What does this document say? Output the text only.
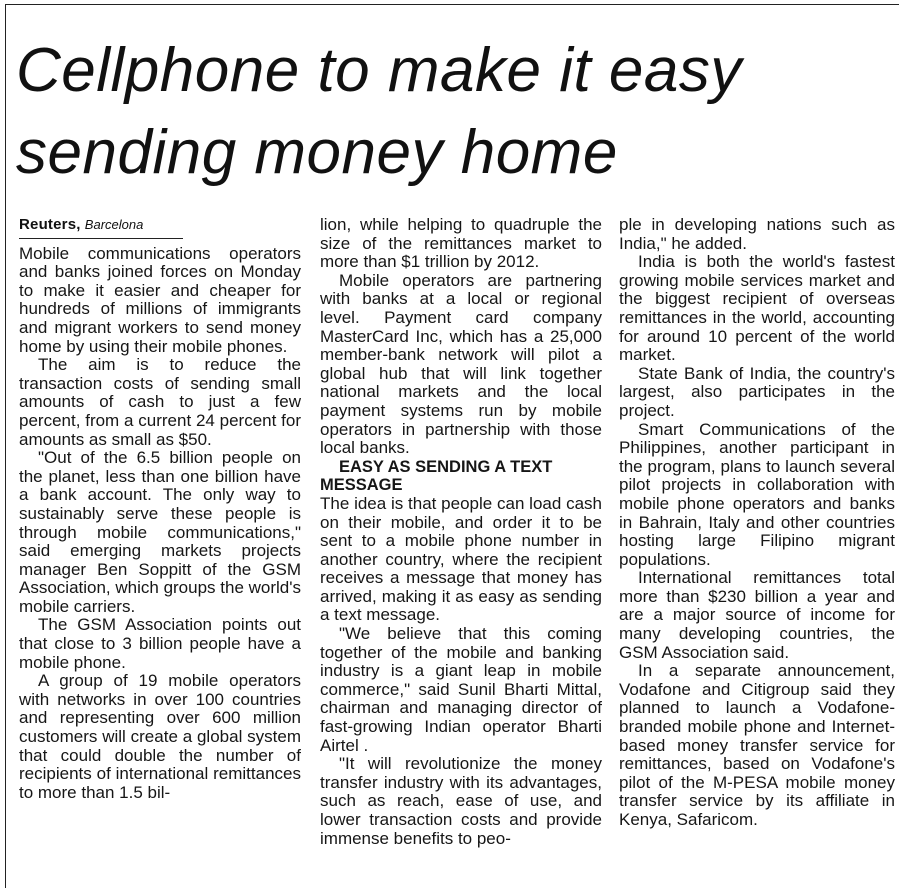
Cellphone to make it easy
sending money home
Reuters, Barcelona

Mobile communications operators and banks joined forces on Monday to make it easier and cheaper for hundreds of millions of immigrants and migrant workers to send money home by using their mobile phones.

The aim is to reduce the transaction costs of sending small amounts of cash to just a few percent, from a current 24 percent for amounts as small as $50.

"Out of the 6.5 billion people on the planet, less than one billion have a bank account. The only way to sustainably serve these people is through mobile communications," said emerging markets projects manager Ben Soppitt of the GSM Association, which groups the world's mobile carriers.

The GSM Association points out that close to 3 billion people have a mobile phone.

A group of 19 mobile operators with networks in over 100 countries and representing over 600 million customers will create a global system that could double the number of recipients of international remittances to more than 1.5 bil-

lion, while helping to quadruple the size of the remittances market to more than $1 trillion by 2012.

Mobile operators are partnering with banks at a local or regional level. Payment card company MasterCard Inc, which has a 25,000 member-bank network will pilot a global hub that will link together national markets and the local payment systems run by mobile operators in partnership with those local banks.

EASY AS SENDING A TEXT MESSAGE

The idea is that people can load cash on their mobile, and order it to be sent to a mobile phone number in another country, where the recipient receives a message that money has arrived, making it as easy as sending a text message.

"We believe that this coming together of the mobile and banking industry is a giant leap in mobile commerce," said Sunil Bharti Mittal, chairman and managing director of fast-growing Indian operator Bharti Airtel .

"It will revolutionize the money transfer industry with its advantages, such as reach, ease of use, and lower transaction costs and provide immense benefits to peo-

ple in developing nations such as India," he added.

India is both the world's fastest growing mobile services market and the biggest recipient of overseas remittances in the world, accounting for around 10 percent of the world market.

State Bank of India, the country's largest, also participates in the project.

Smart Communications of the Philippines, another participant in the program, plans to launch several pilot projects in collaboration with mobile phone operators and banks in Bahrain, Italy and other countries hosting large Filipino migrant populations.

International remittances total more than $230 billion a year and are a major source of income for many developing countries, the GSM Association said.

In a separate announcement, Vodafone and Citigroup said they planned to launch a Vodafone-branded mobile phone and Internet-based money transfer service for remittances, based on Vodafone's pilot of the M-PESA mobile money transfer service by its affiliate in Kenya, Safaricom.
